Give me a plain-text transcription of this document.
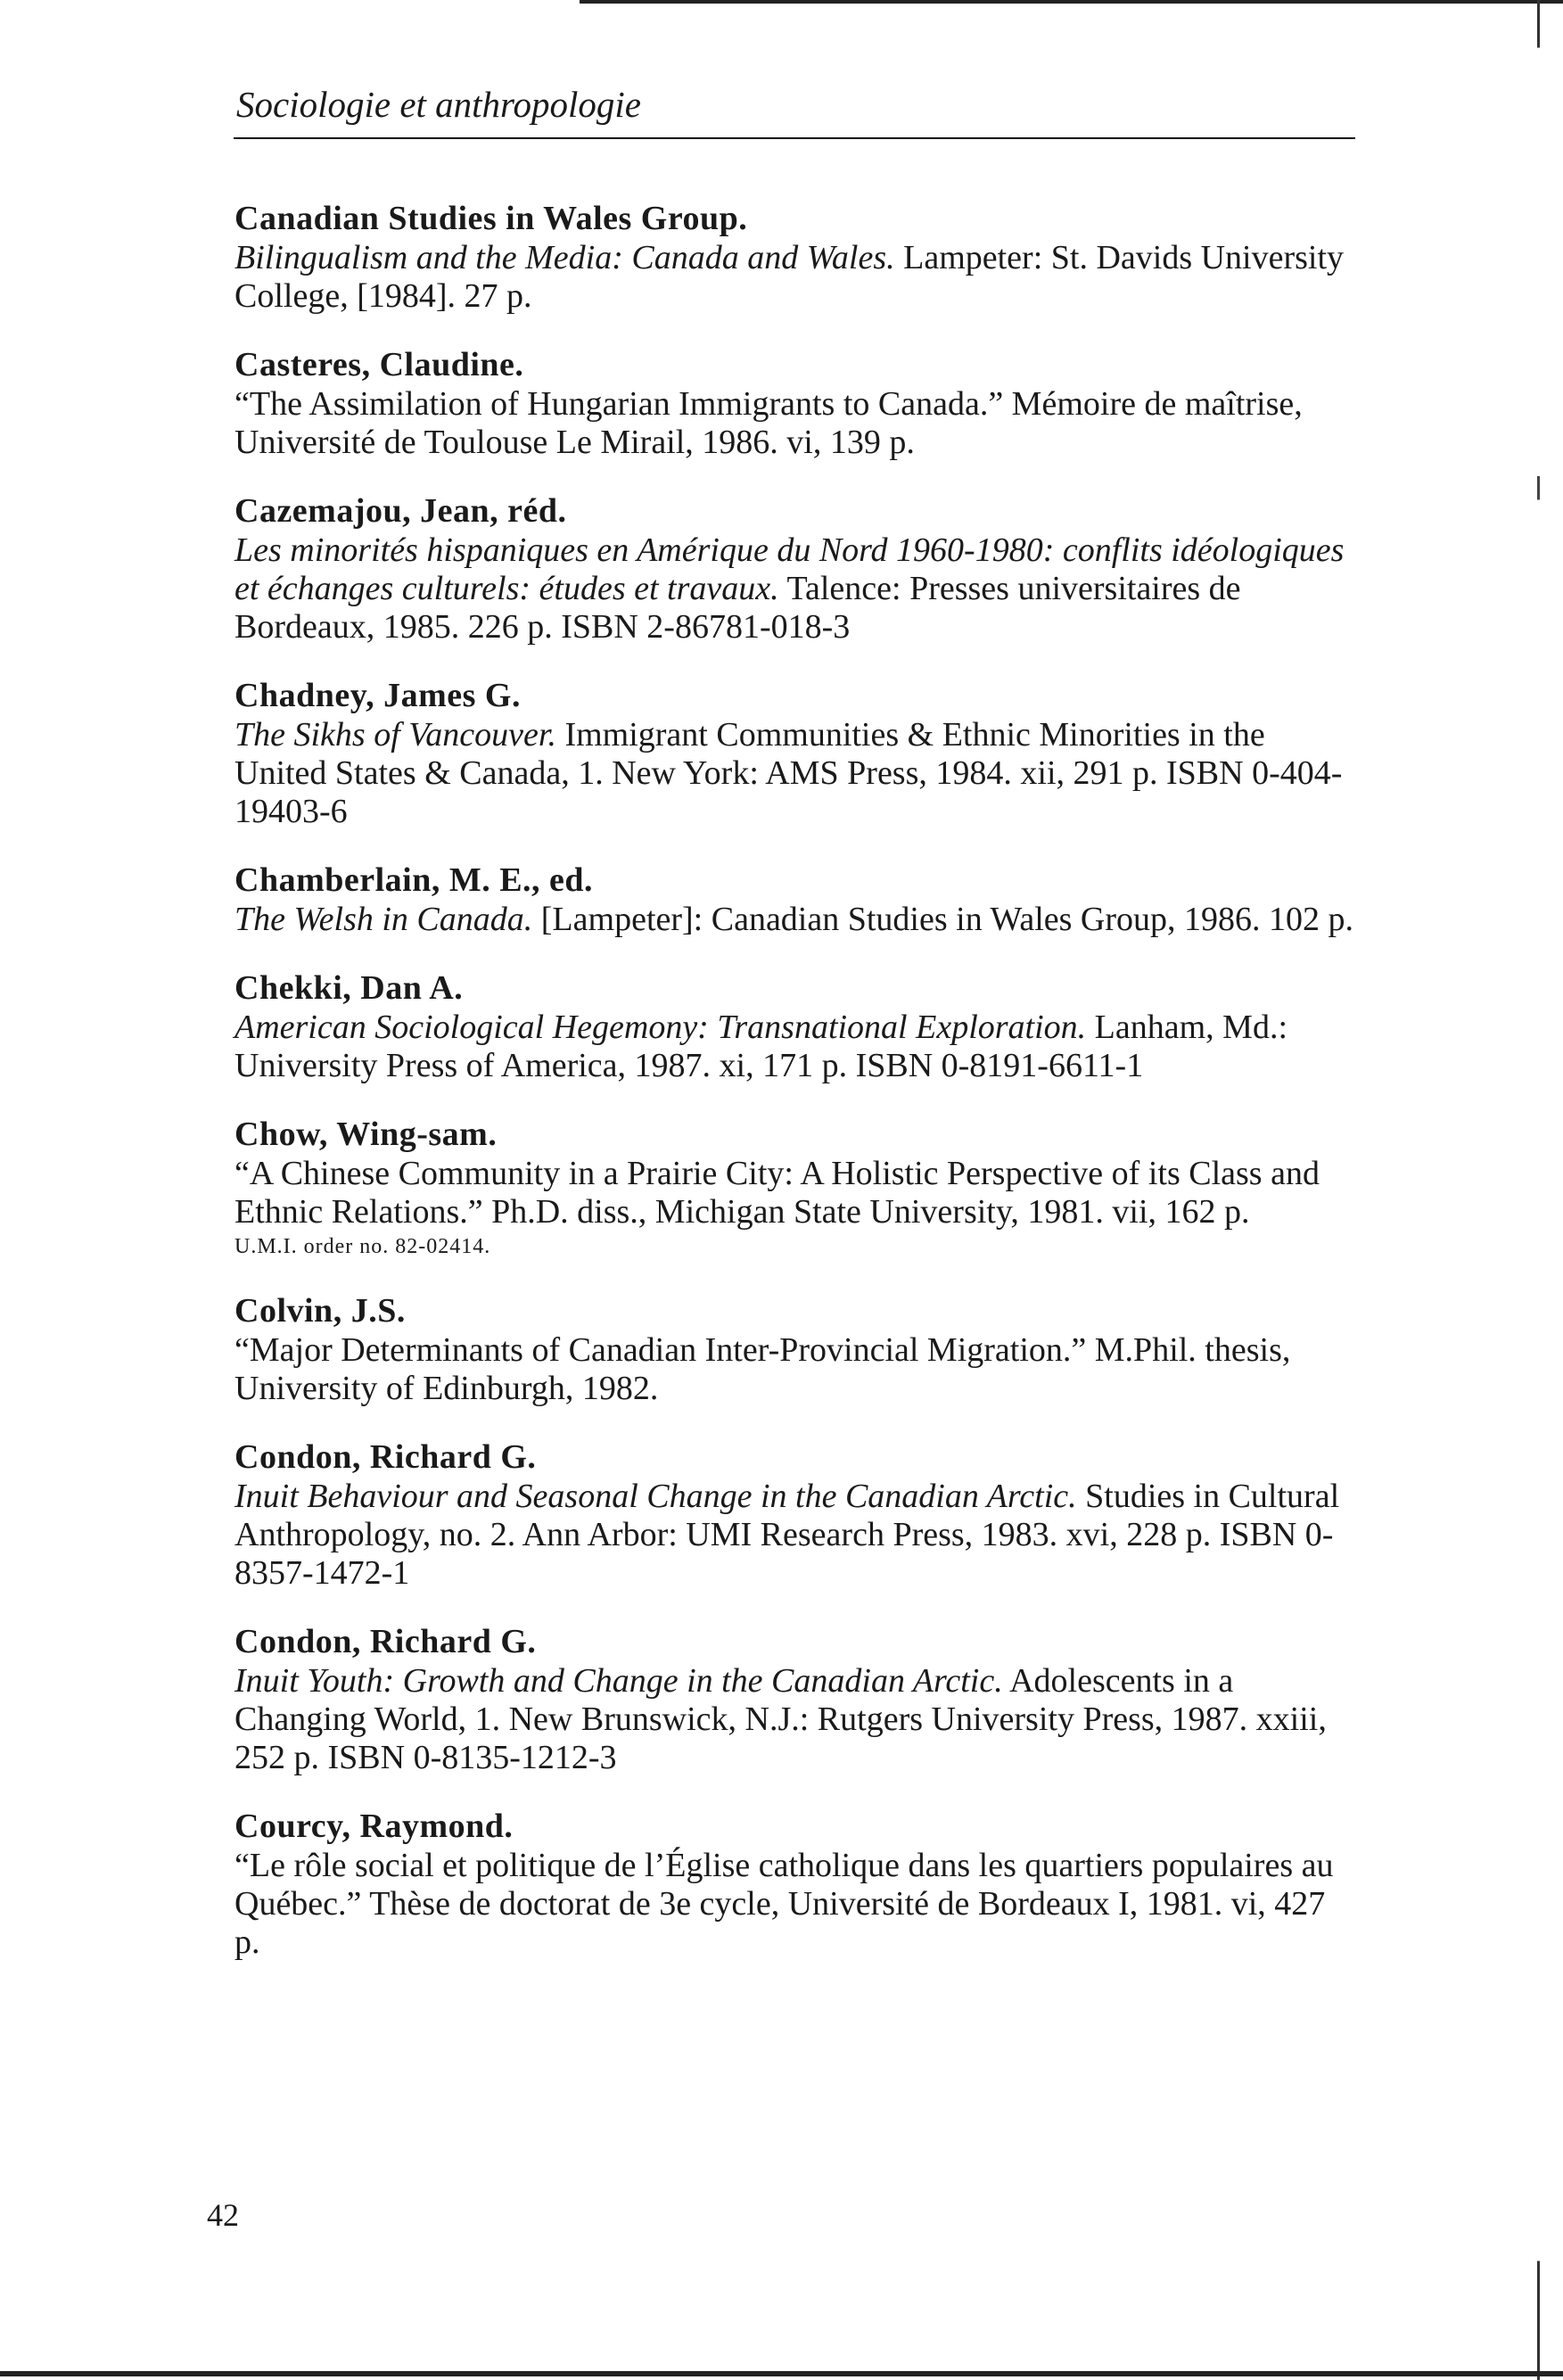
Sociologie et anthropologie
Canadian Studies in Wales Group.
Bilingualism and the Media: Canada and Wales. Lampeter: St. Davids University College, [1984]. 27 p.
Casteres, Claudine.
“The Assimilation of Hungarian Immigrants to Canada.” Mémoire de maîtrise, Université de Toulouse Le Mirail, 1986. vi, 139 p.
Cazemajou, Jean, réd.
Les minorités hispaniques en Amérique du Nord 1960-1980: conflits idéologiques et échanges culturels: études et travaux. Talence: Presses universitaires de Bordeaux, 1985. 226 p. ISBN 2-86781-018-3
Chadney, James G.
The Sikhs of Vancouver. Immigrant Communities & Ethnic Minorities in the United States & Canada, 1. New York: AMS Press, 1984. xii, 291 p. ISBN 0-404-19403-6
Chamberlain, M. E., ed.
The Welsh in Canada. [Lampeter]: Canadian Studies in Wales Group, 1986. 102 p.
Chekki, Dan A.
American Sociological Hegemony: Transnational Exploration. Lanham, Md.: University Press of America, 1987. xi, 171 p. ISBN 0-8191-6611-1
Chow, Wing-sam.
“A Chinese Community in a Prairie City: A Holistic Perspective of its Class and Ethnic Relations.” Ph.D. diss., Michigan State University, 1981. vii, 162 p.
U.M.I. order no. 82-02414.
Colvin, J.S.
“Major Determinants of Canadian Inter-Provincial Migration.” M.Phil. thesis, University of Edinburgh, 1982.
Condon, Richard G.
Inuit Behaviour and Seasonal Change in the Canadian Arctic. Studies in Cultural Anthropology, no. 2. Ann Arbor: UMI Research Press, 1983. xvi, 228 p. ISBN 0-8357-1472-1
Condon, Richard G.
Inuit Youth: Growth and Change in the Canadian Arctic. Adolescents in a Changing World, 1. New Brunswick, N.J.: Rutgers University Press, 1987. xxiii, 252 p. ISBN 0-8135-1212-3
Courcy, Raymond.
“Le rôle social et politique de l’Église catholique dans les quartiers populaires au Québec.” Thèse de doctorat de 3e cycle, Université de Bordeaux I, 1981. vi, 427 p.
42
